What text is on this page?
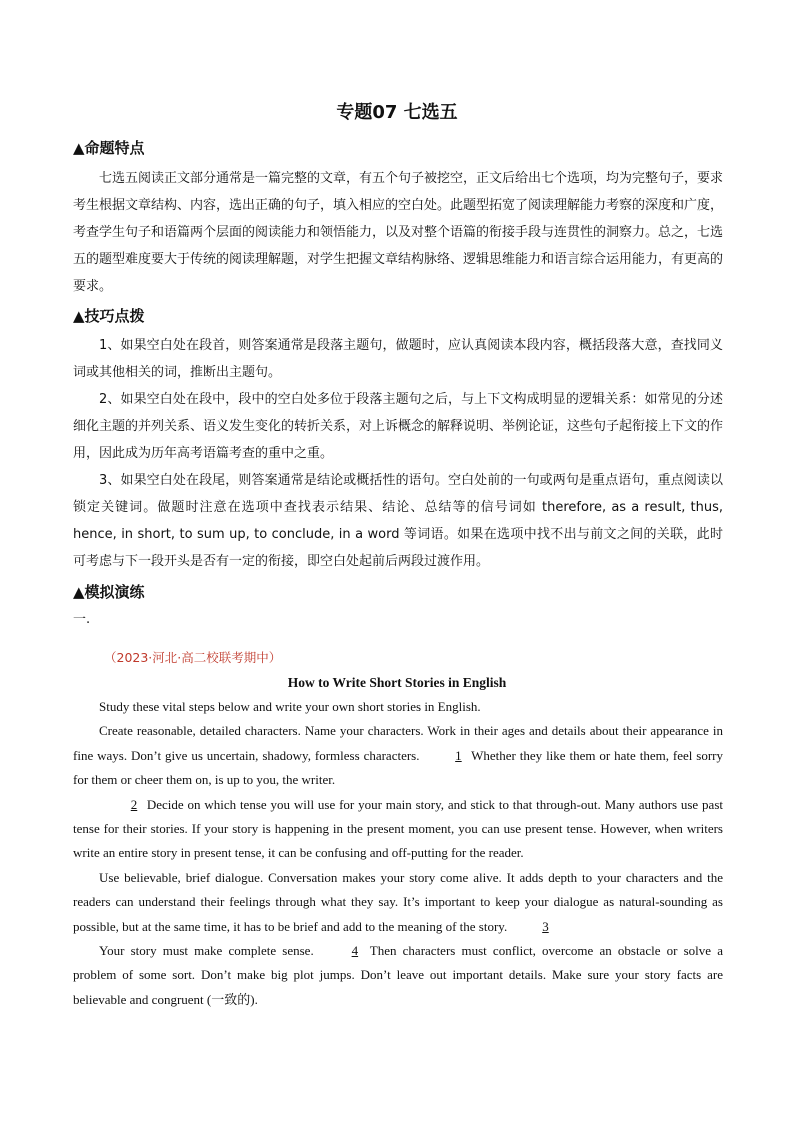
专题07 七选五
▲命题特点

七选五阅读正文部分通常是一篇完整的文章，有五个句子被挖空，正文后给出七个选项，均为完整句子，要求考生根据文章结构、内容，选出正确的句子，填入相应的空白处。此题型拓宽了阅读理解能力考察的深度和广度，考查学生句子和语篇两个层面的阅读能力和领悟能力，以及对整个语篇的衔接手段与连贯性的洞察力。总之，七选五的题型难度要大于传统的阅读理解题，对学生把握文章结构脉络、逻辑思维能力和语言综合运用能力，有更高的要求。

▲技巧点拨

1、如果空白处在段首，则答案通常是段落主题句，做题时，应认真阅读本段内容，概括段落大意，查找同义词或其他相关的词，推断出主题句。

2、如果空白处在段中，段中的空白处多位于段落主题句之后，与上下文构成明显的逻辑关系：如常见的分述细化主题的并列关系、语义发生变化的转折关系，对上诉概念的解释说明、举例论证，这些句子起衔接上下文的作用，因此成为历年高考语篇考查的重中之重。

3、如果空白处在段尾，则答案通常是结论或概括性的语句。空白处前的一句或两句是重点语句，重点阅读以锁定关键词。做题时注意在选项中查找表示结果、结论、总结等的信号词如 therefore, as a result, thus, hence, in short, to sum up, to conclude, in a word 等词语。如果在选项中找不出与前文之间的关联，此时可考虑与下一段开头是否有一定的衔接，即空白处起前后两段过渡作用。

▲模拟演练
一.
（2023·河北·高二校联考期中）
How to Write Short Stories in English

Study these vital steps below and write your own short stories in English.

Create reasonable, detailed characters. Name your characters. Work in their ages and details about their appearance in fine ways. Don’t give us uncertain, shadowy, formless characters. 1 Whether they like them or hate them, feel sorry for them or cheer them on, is up to you, the writer.

2 Decide on which tense you will use for your main story, and stick to that through-out. Many authors use past tense for their stories. If your story is happening in the present moment, you can use present tense. However, when writers write an entire story in present tense, it can be confusing and off-putting for the reader.

Use believable, brief dialogue. Conversation makes your story come alive. It adds depth to your characters and the readers can understand their feelings through what they say. It’s important to keep your dialogue as natural-sounding as possible, but at the same time, it has to be brief and add to the meaning of the story. 3

Your story must make complete sense. 4 Then characters must conflict, overcome an obstacle or solve a problem of some sort. Don’t make big plot jumps. Don’t leave out important details. Make sure your story facts are believable and congruent (一致的).
